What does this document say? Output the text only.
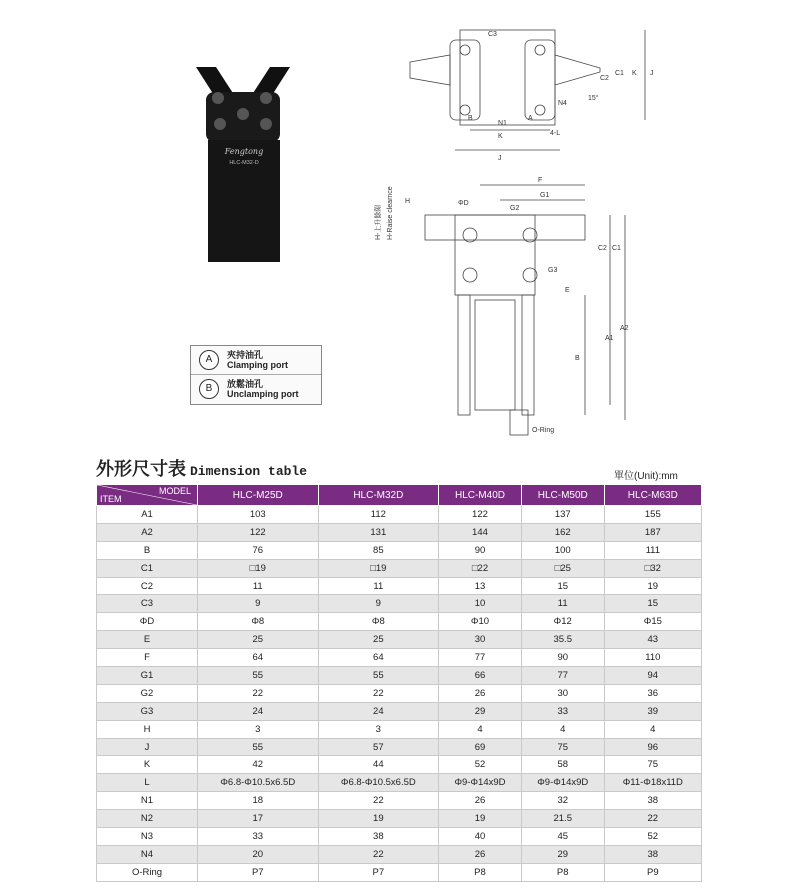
Fengtong
HLC-M32-D
A	夾持油孔
Clamping port
B	放鬆油孔
Unclamping port
C3
C2
C1 K J
N4
15°
N1
K
J
4-L
A
B
H-上升餘隙 H-Raise clearnce H	ΦD
F
G1
G2
C2 C1
G3
E
A1
A2
B
O-Ring
外形尺寸表 Dimension table	單位(Unit):mm
MODEL
ITEM	HLC-M25D	HLC-M32D	HLC-M40D	HLC-M50D	HLC-M63D
A1	103	112	122	137	155
A2	122	131	144	162	187
B	76	85	90	100	111
C1	□19	□19	□22	□25	□32
C2	11	11	13	15	19
C3	9	9	10	11	15
ΦD	Φ8	Φ8	Φ10	Φ12	Φ15
E	25	25	30	35.5	43
F	64	64	77	90	110
G1	55	55	66	77	94
G2	22	22	26	30	36
G3	24	24	29	33	39
H	3	3	4	4	4
J	55	57	69	75	96
K	42	44	52	58	75
L	Φ6.8-Φ10.5x6.5D	Φ6.8-Φ10.5x6.5D	Φ9-Φ14x9D	Φ9-Φ14x9D	Φ11-Φ18x11D
N1	18	22	26	32	38
N2	17	19	19	21.5	22
N3	33	38	40	45	52
N4	20	22	26	29	38
O-Ring	P7	P7	P8	P8	P9
